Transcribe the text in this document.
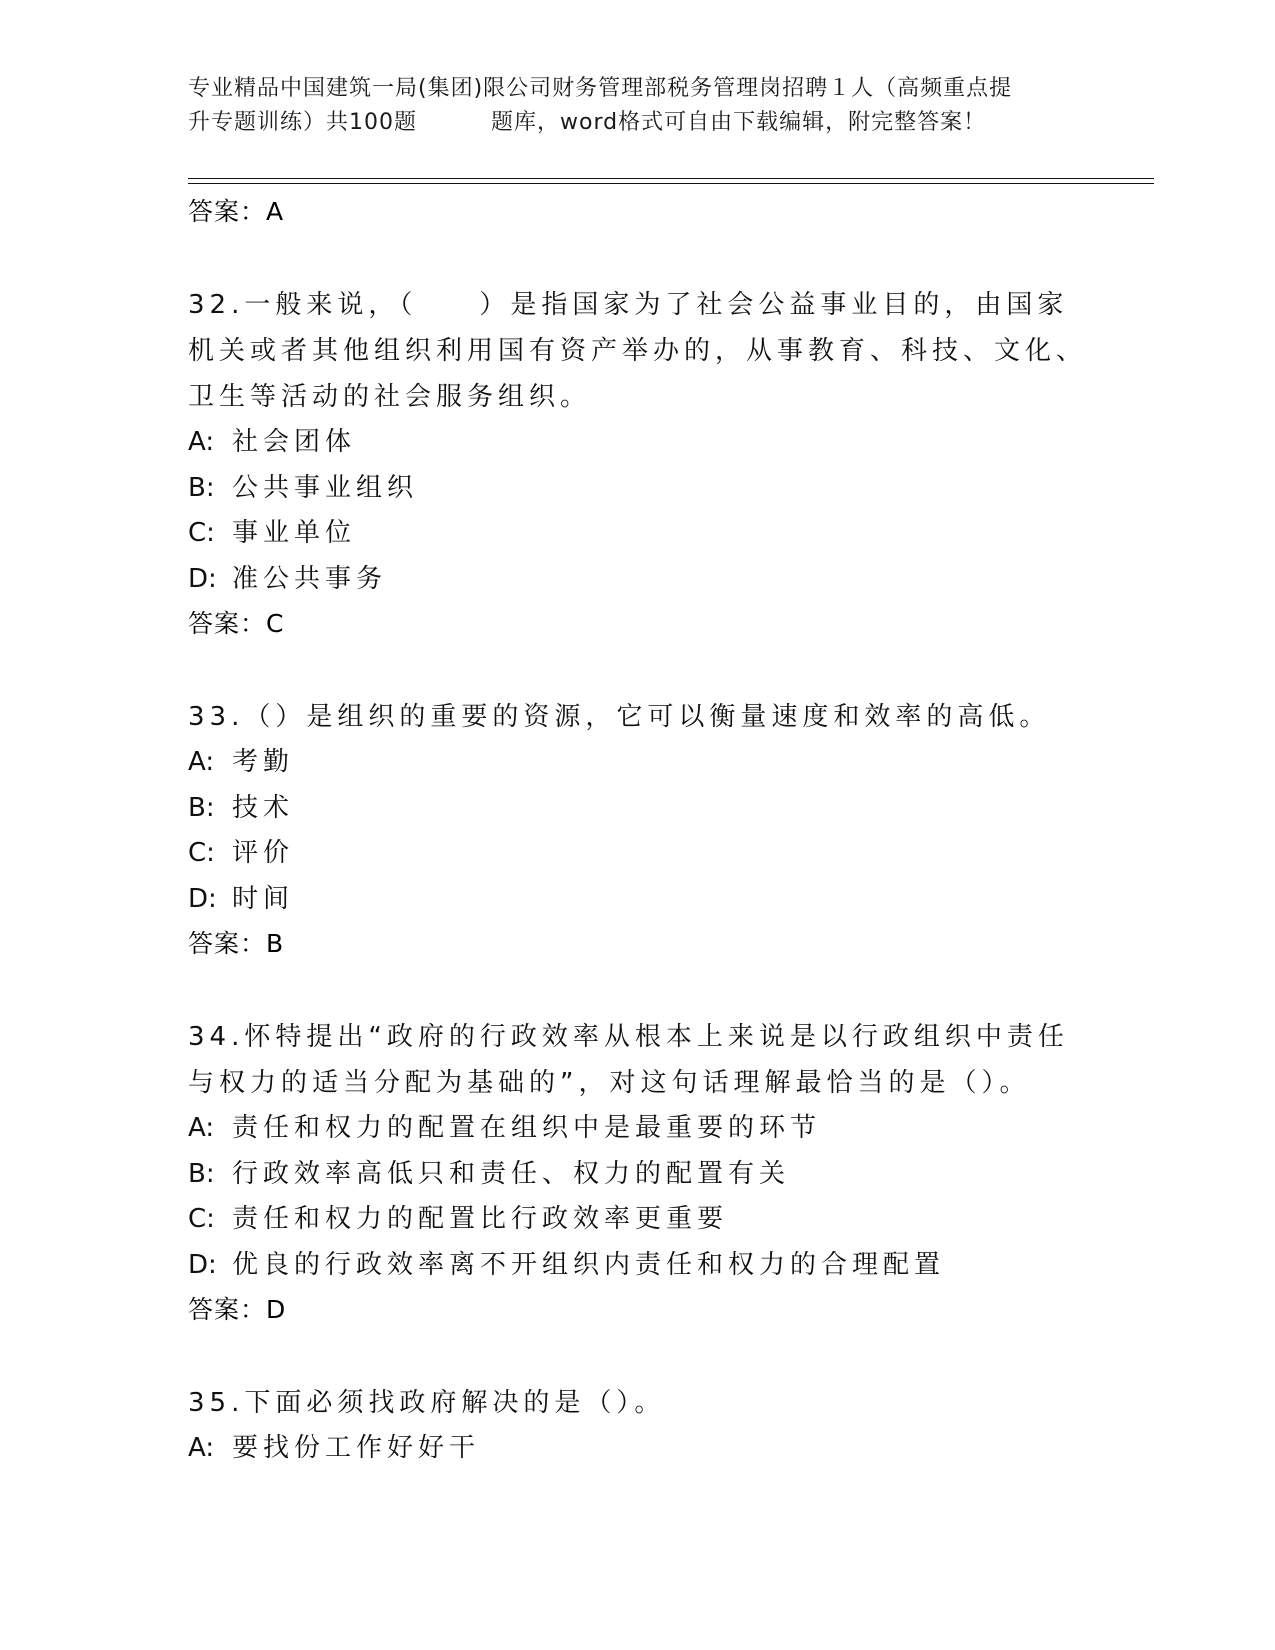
专业精品中国建筑一局(集团)限公司财务管理部税务管理岗招聘１人（高频重点提
升专题训练）共100题	题库，word格式可自由下载编辑，附完整答案！
答案：A
32.一般来说，（　　）是指国家为了社会公益事业目的，由国家机关或者其他组织利用国有资产举办的，从事教育、科技、文化、卫生等活动的社会服务组织。
A: 社会团体
B: 公共事业组织
C: 事业单位
D: 准公共事务
答案：C
33.（）是组织的重要的资源，它可以衡量速度和效率的高低。
A: 考勤
B: 技术
C: 评价
D: 时间
答案：B
34.怀特提出“政府的行政效率从根本上来说是以行政组织中责任与权力的适当分配为基础的”，对这句话理解最恰当的是（）。
A: 责任和权力的配置在组织中是最重要的环节
B: 行政效率高低只和责任、权力的配置有关
C: 责任和权力的配置比行政效率更重要
D: 优良的行政效率离不开组织内责任和权力的合理配置
答案：D
35.下面必须找政府解决的是（）。
A: 要找份工作好好干
